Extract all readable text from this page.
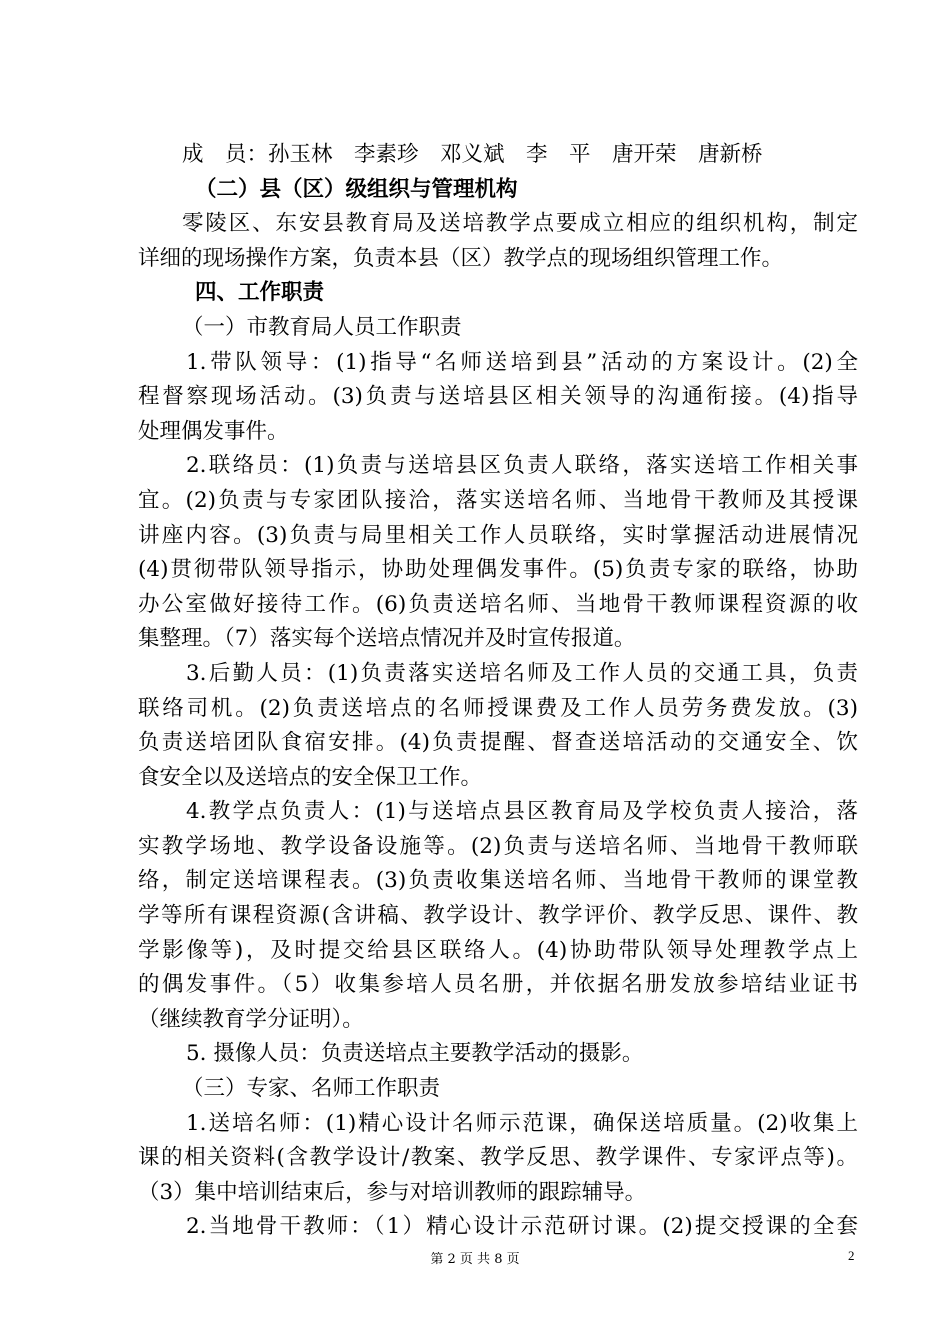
成　员：孙玉林　李素珍　邓义斌　李　平　唐开荣　唐新桥
（二）县（区）级组织与管理机构
零陵区、东安县教育局及送培教学点要成立相应的组织机构，制定
详细的现场操作方案，负责本县（区）教学点的现场组织管理工作。
四、工作职责
（一）市教育局人员工作职责
1.带队领导：(1)指导“名师送培到县”活动的方案设计。(2)全
程督察现场活动。(3)负责与送培县区相关领导的沟通衔接。(4)指导
处理偶发事件。
2.联络员：(1)负责与送培县区负责人联络，落实送培工作相关事
宜。(2)负责与专家团队接洽，落实送培名师、当地骨干教师及其授课
讲座内容。(3)负责与局里相关工作人员联络，实时掌握活动进展情况
(4)贯彻带队领导指示，协助处理偶发事件。(5)负责专家的联络，协助
办公室做好接待工作。(6)负责送培名师、当地骨干教师课程资源的收
集整理。（7）落实每个送培点情况并及时宣传报道。
3.后勤人员：(1)负责落实送培名师及工作人员的交通工具，负责
联络司机。(2)负责送培点的名师授课费及工作人员劳务费发放。(3)
负责送培团队食宿安排。(4)负责提醒、督查送培活动的交通安全、饮
食安全以及送培点的安全保卫工作。
4.教学点负责人：(1)与送培点县区教育局及学校负责人接洽，落
实教学场地、教学设备设施等。(2)负责与送培名师、当地骨干教师联
络，制定送培课程表。(3)负责收集送培名师、当地骨干教师的课堂教
学等所有课程资源(含讲稿、教学设计、教学评价、教学反思、课件、教
学影像等)，及时提交给县区联络人。(4)协助带队领导处理教学点上
的偶发事件。（5）收集参培人员名册，并依据名册发放参培结业证书
（继续教育学分证明）。
5. 摄像人员：负责送培点主要教学活动的摄影。
（三）专家、名师工作职责
1.送培名师：(1)精心设计名师示范课，确保送培质量。(2)收集上
课的相关资料(含教学设计/教案、教学反思、教学课件、专家评点等)。
（3）集中培训结束后，参与对培训教师的跟踪辅导。
2.当地骨干教师：（1）精心设计示范研讨课。(2)提交授课的全套
第 2 页 共 8 页	2
